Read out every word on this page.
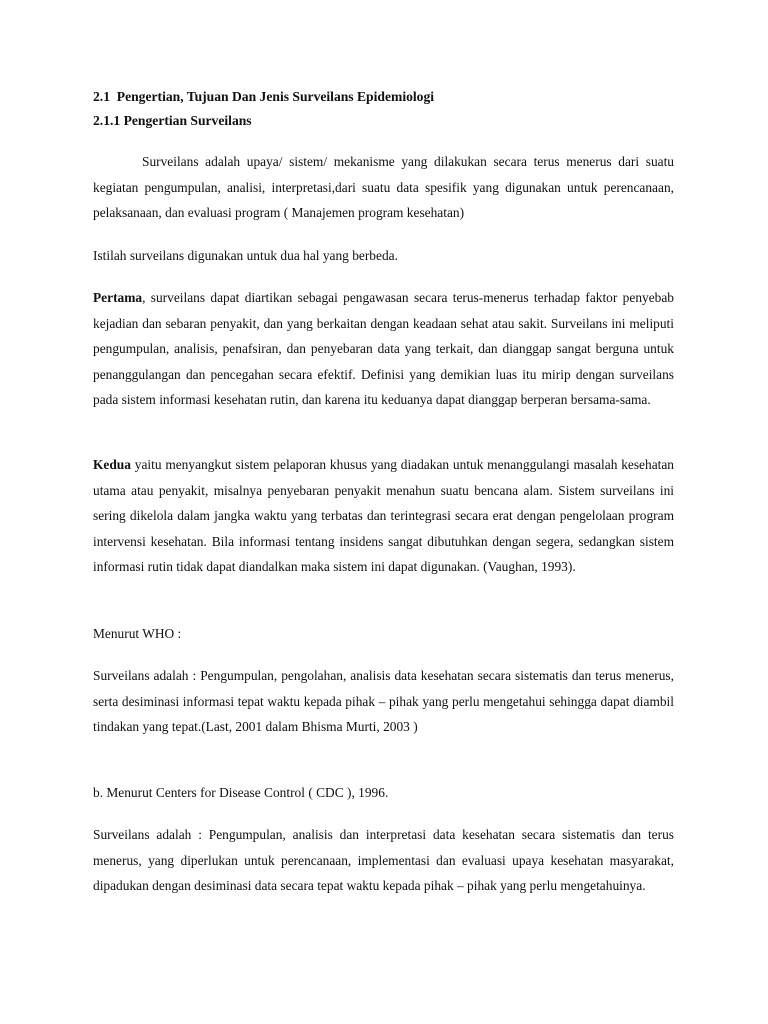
2.1  Pengertian, Tujuan Dan Jenis Surveilans Epidemiologi
2.1.1 Pengertian Surveilans

Surveilans adalah upaya/ sistem/ mekanisme yang dilakukan secara terus menerus dari suatu kegiatan pengumpulan, analisi, interpretasi,dari suatu data spesifik yang digunakan untuk perencanaan, pelaksanaan, dan evaluasi program ( Manajemen program kesehatan)

Istilah surveilans digunakan untuk dua hal yang berbeda.

Pertama, surveilans dapat diartikan sebagai pengawasan secara terus-menerus terhadap faktor penyebab kejadian dan sebaran penyakit, dan yang berkaitan dengan keadaan sehat atau sakit. Surveilans ini meliputi pengumpulan, analisis, penafsiran, dan penyebaran data yang terkait, dan dianggap sangat berguna untuk penanggulangan dan pencegahan secara efektif. Definisi yang demikian luas itu mirip dengan surveilans pada sistem informasi kesehatan rutin, dan karena itu keduanya dapat dianggap berperan bersama-sama.

Kedua yaitu menyangkut sistem pelaporan khusus yang diadakan untuk menanggulangi masalah kesehatan utama atau penyakit, misalnya penyebaran penyakit menahun suatu bencana alam. Sistem surveilans ini sering dikelola dalam jangka waktu yang terbatas dan terintegrasi secara erat dengan pengelolaan program intervensi kesehatan. Bila informasi tentang insidens sangat dibutuhkan dengan segera, sedangkan sistem informasi rutin tidak dapat diandalkan maka sistem ini dapat digunakan. (Vaughan, 1993).

Menurut WHO :

Surveilans adalah : Pengumpulan, pengolahan, analisis data kesehatan secara sistematis dan terus menerus, serta desiminasi informasi tepat waktu kepada pihak – pihak yang perlu mengetahui sehingga dapat diambil tindakan yang tepat.(Last, 2001 dalam Bhisma Murti, 2003 )

b. Menurut Centers for Disease Control ( CDC ), 1996.

Surveilans adalah : Pengumpulan, analisis dan interpretasi data kesehatan secara sistematis dan terus menerus, yang diperlukan untuk perencanaan, implementasi dan evaluasi upaya kesehatan masyarakat, dipadukan dengan desiminasi data secara tepat waktu kepada pihak – pihak yang perlu mengetahuinya.
